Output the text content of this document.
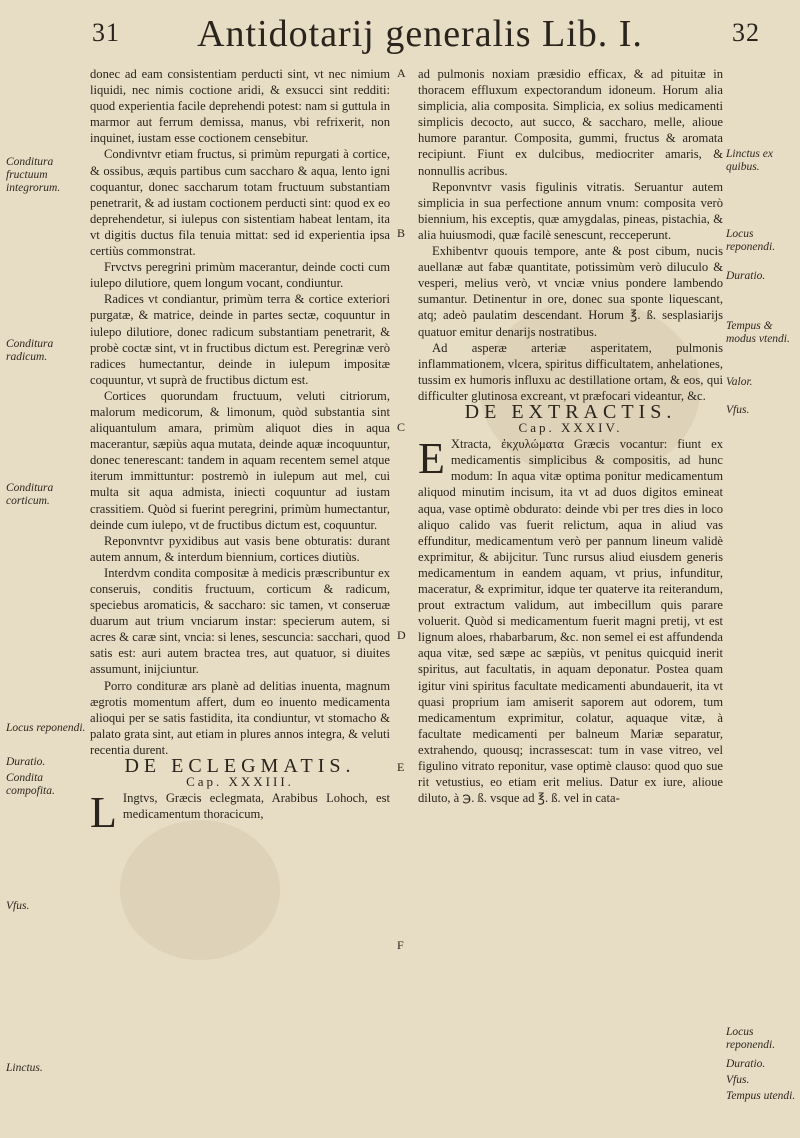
31	Antidotarij generalis Lib. I.	32

donec ad eam consistentiam perducti sint, vt nec nimium liquidi, nec nimis coctione aridi, & exsucci sint redditi: quod experientia facile deprehendi potest: nam si guttula in marmor aut ferrum demissa, manus, vbi refrixerit, non inquinet, iustam esse coctionem censebitur.

Condivntvr etiam fructus, si primùm repurgati à cortice, & ossibus, æquis partibus cum saccharo & aqua, lento igni coquantur, donec saccharum totam fructuum substantiam penetrarit, & ad iustam coctionem perducti sint: quod ex eo deprehendetur, si iulepus con sistentiam habeat lentam, ita vt digitis ductus fila tenuia mittat: sed id experientia ipsa certiùs commonstrat.

Frvctvs peregrini primùm macerantur, deinde cocti cum iulepo dilutiore, quem longum vocant, condiuntur.

Radices vt condiantur, primùm terra & cortice exteriori purgatæ, & matrice, deinde in partes sectæ, coquuntur in iulepo dilutiore, donec radicum substantiam penetrarit, & probè coctæ sint, vt in fructibus dictum est. Peregrinæ verò radices humectantur, deinde in iulepum impositæ coquuntur, vt suprà de fructibus dictum est.

Cortices quorundam fructuum, veluti citriorum, malorum medicorum, & limonum, quòd substantia sint aliquantulum amara, primùm aliquot dies in aqua macerantur, sæpiùs aqua mutata, deinde aquæ incoquuntur, donec tenerescant: tandem in aquam recentem semel atque iterum immittuntur: postremò in iulepum aut mel, cui multa sit aqua admista, iniecti coquuntur ad iustam crassitiem. Quòd si fuerint peregrini, primùm humectantur, deinde cum iulepo, vt de fructibus dictum est, coquuntur.

Reponvntvr pyxidibus aut vasis bene obturatis: durant autem annum, & interdum biennium, cortices diutiùs.

Interdvm condita compositæ à medicis præscribuntur ex conseruis, conditis fructuum, corticum & radicum, speciebus aromaticis, & saccharo: sic tamen, vt conseruæ duarum aut trium vnciarum instar: specierum autem, si acres & caræ sint, vncia: si lenes, sescuncia: sacchari, quod satis est: auri autem bractea tres, aut quatuor, si diuites assumunt, inijciuntur.

Porro condituræ ars planè ad delitias inuenta, magnum ægrotis momentum affert, dum eo inuento medicamenta alioqui per se satis fastidita, ita condiuntur, vt stomacho & palato grata sint, aut etiam in plures annos integra, & veluti recentia durent.

DE ECLEGMATIS.

Cap. XXXIII.

L Ingtvs, Græcis eclegmata, Arabibus Lohoch, est medicamentum thoracicum,

ad pulmonis noxiam præsidio efficax, & ad pituitæ in thoracem effluxum expectorandum idoneum. Horum alia simplicia, alia composita. Simplicia, ex solius medicamenti simplicis decocto, aut succo, & saccharo, melle, alioue humore parantur. Composita, gummi, fructus & aromata recipiunt. Fiunt ex dulcibus, mediocriter amaris, & nonnullis acribus.

Reponvntvr vasis figulinis vitratis. Seruantur autem simplicia in sua perfectione annum vnum: composita verò biennium, his exceptis, quæ amygdalas, pineas, pistachia, & alia huiusmodi, quæ facilè senescunt, recceperunt.

Exhibentvr quouis tempore, ante & post cibum, nucis auellanæ aut fabæ quantitate, potissimùm verò diluculo & vesperi, melius verò, vt vnciæ vnius pondere lambendo sumantur. Detinentur in ore, donec sua sponte liquescant, atq; adeò paulatim descendant. Horum ℥. ß. sesplasiarijs quatuor emitur denarijs nostratibus.

Ad asperæ arteriæ asperitatem, pulmonis inflammationem, vlcera, spiritus difficultatem, anhelationes, tussim ex humoris influxu ac destillatione ortam, & eos, qui difficulter glutinosa excreant, vt præfocari videantur, &c.

DE EXTRACTIS.

Cap. XXXIV.

E Xtracta, ἐκχυλώματα Græcis vocantur: fiunt ex medicamentis simplicibus & compositis, ad hunc modum: In aqua vitæ optima ponitur medicamentum aliquod minutim incisum, ita vt ad duos digitos emineat aqua, vase optimè obdurato: deinde vbi per tres dies in loco aliquo calido vas fuerit relictum, aqua in aliud vas effunditur, medicamentum verò per pannum lineum validè exprimitur, & abijcitur. Tunc rursus aliud eiusdem generis medicamentum in eandem aquam, vt prius, infunditur, maceratur, & exprimitur, idque ter quaterve ita reiterandum, prout extractum validum, aut imbecillum quis parare voluerit. Quòd si medicamentum fuerit magni pretij, vt est lignum aloes, rhabarbarum, &c. non semel ei est affundenda aqua vitæ, sed sæpe ac sæpiùs, vt penitus quicquid inerit spiritus, aut facultatis, in aquam deponatur. Postea quam igitur vini spiritus facultate medicamenti abundauerit, ita vt quasi proprium iam amiserit saporem aut odorem, tum medicamentum exprimitur, colatur, aquaque vitæ, à facultate medicamenti per balneum Mariæ separatur, extrahendo, quousq; incrassescat: tum in vase vitreo, vel figulino vitrato reponitur, vase optimè clauso: quod quo sue rit vetustius, eo etiam erit melius. Datur ex iure, alioue diluto, à ℈. ß. vsque ad ℥. ß. vel in cata-

Conditura fructuum integrorum.
Conditura radicum.
Conditura corticum.
Locus reponendi.
Duratio.
Condita compofita.
Vfus.
Linctus.
Linctus ex quibus.
Locus reponendi.
Duratio.
Tempus & modus vtendi.
Valor.
Vfus.
Locus reponendi.
Duratio.
Vfus.
Tempus utendi.
A
B
C
D
E
F
